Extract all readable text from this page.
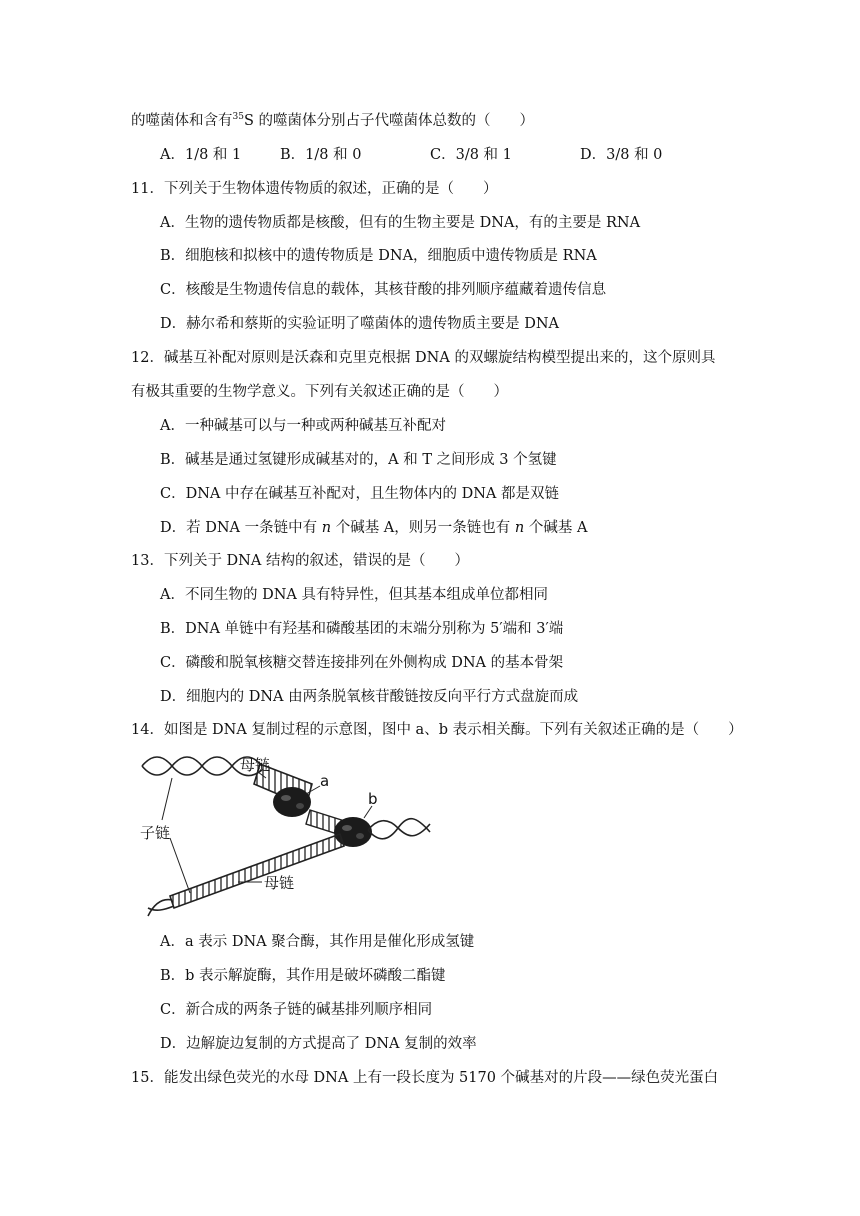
的噬菌体和含有$^{35}$S 的噬菌体分别占子代噬菌体总数的（　　）
A．1/8 和 1	B．1/8 和 0	C．3/8 和 1	D．3/8 和 0
11．下列关于生物体遗传物质的叙述，正确的是（　　）
A．生物的遗传物质都是核酸，但有的生物主要是 DNA，有的主要是 RNA
B．细胞核和拟核中的遗传物质是 DNA，细胞质中遗传物质是 RNA
C．核酸是生物遗传信息的载体，其核苷酸的排列顺序蕴藏着遗传信息
D．赫尔希和蔡斯的实验证明了噬菌体的遗传物质主要是 DNA
12．碱基互补配对原则是沃森和克里克根据 DNA 的双螺旋结构模型提出来的，这个原则具
有极其重要的生物学意义。下列有关叙述正确的是（　　）
A．一种碱基可以与一种或两种碱基互补配对
B．碱基是通过氢键形成碱基对的，A 和 T 之间形成 3 个氢键
C．DNA 中存在碱基互补配对，且生物体内的 DNA 都是双链
D．若 DNA 一条链中有 n 个碱基 A，则另一条链也有 n 个碱基 A
13．下列关于 DNA 结构的叙述，错误的是（　　）
A．不同生物的 DNA 具有特异性，但其基本组成单位都相同
B．DNA 单链中有羟基和磷酸基团的末端分别称为 5′端和 3′端
C．磷酸和脱氧核糖交替连接排列在外侧构成 DNA 的基本骨架
D．细胞内的 DNA 由两条脱氧核苷酸链按反向平行方式盘旋而成
14．如图是 DNA 复制过程的示意图，图中 a、b 表示相关酶。下列有关叙述正确的是（　　）
母链
a
b
子链
母链
A．a 表示 DNA 聚合酶，其作用是催化形成氢键
B．b 表示解旋酶，其作用是破坏磷酸二酯键
C．新合成的两条子链的碱基排列顺序相同
D．边解旋边复制的方式提高了 DNA 复制的效率
15．能发出绿色荧光的水母 DNA 上有一段长度为 5170 个碱基对的片段——绿色荧光蛋白
